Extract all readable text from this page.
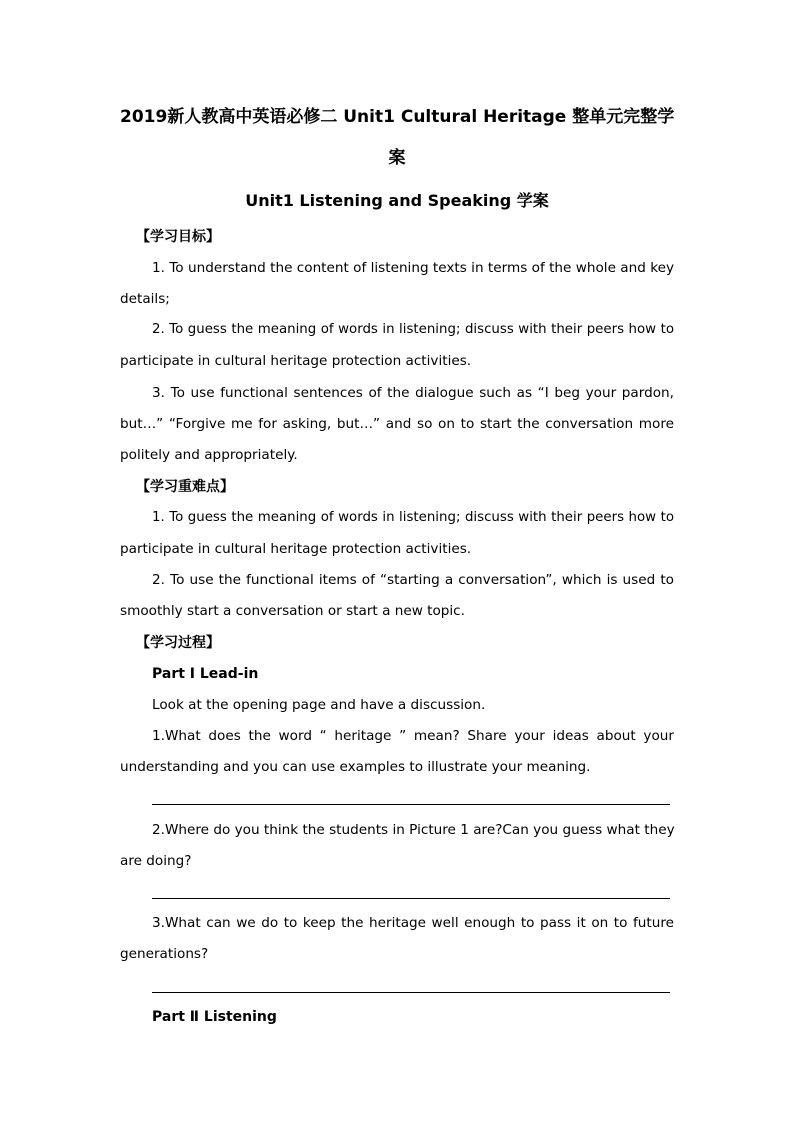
2019新人教高中英语必修二 Unit1 Cultural Heritage 整单元完整学
案
Unit1 Listening and Speaking 学案
【学习目标】
1. To understand the content of listening texts in terms of the whole and key
details;
2. To guess the meaning of words in listening; discuss with their peers how to
participate in cultural heritage protection activities.
3. To use functional sentences of the dialogue such as “I beg your pardon,
but…” “Forgive me for asking, but…” and so on to start the conversation more
politely and appropriately.
【学习重难点】
1. To guess the meaning of words in listening; discuss with their peers how to
participate in cultural heritage protection activities.
2. To use the functional items of “starting a conversation”, which is used to
smoothly start a conversation or start a new topic.
【学习过程】
Part Ⅰ Lead-in
Look at the opening page and have a discussion.
1.What does the word “ heritage ” mean? Share your ideas about your
understanding and you can use examples to illustrate your meaning.
2.Where do you think the students in Picture 1 are?Can you guess what they
are doing?
3.What can we do to keep the heritage well enough to pass it on to future
generations?
Part Ⅱ Listening
